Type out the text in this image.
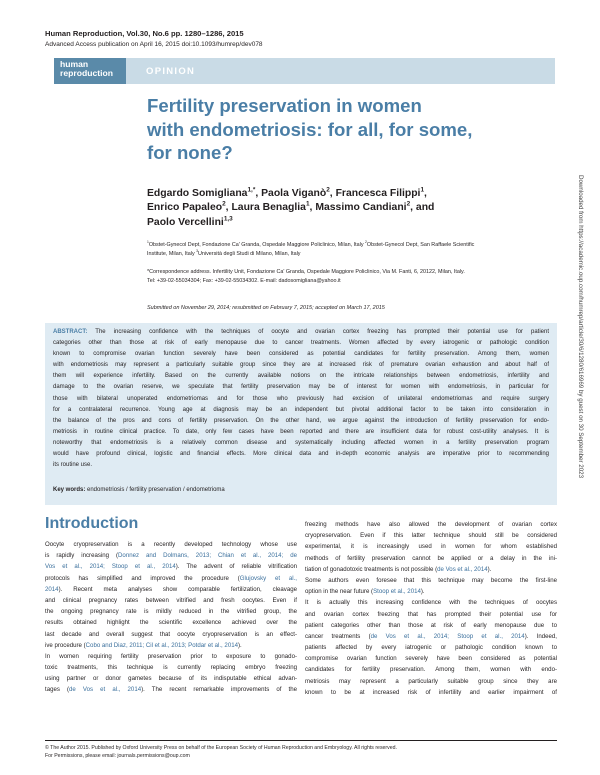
Human Reproduction, Vol.30, No.6 pp. 1280–1286, 2015
Advanced Access publication on April 16, 2015 doi:10.1093/humrep/dev078
human
reproduction	OPINION
Fertility preservation in women
with endometriosis: for all, for some,
for none?
Edgardo Somigliana$^{1,*}$, Paola Viganò$^2$, Francesca Filippi$^1$,
Enrico Papaleo$^2$, Laura Benaglia$^1$, Massimo Candiani$^2$, and
Paolo Vercellini$^{1,3}$
$^1$Obstet-Gynecol Dept, Fondazione Ca' Granda, Ospedale Maggiore Policlinico, Milan, Italy $^2$Obstet-Gynecol Dept, San Raffaele Scientific
Institute, Milan, Italy $^3$Università degli Studi di Milano, Milan, Italy
*Correspondence address. Infertility Unit, Fondazione Ca' Granda, Ospedale Maggiore Policlinico, Via M. Fanti, 6, 20122, Milan, Italy.
Tel: +39-02-55034304; Fax: +39-02-55034302. E-mail: dadosomigliana@yahoo.it
Submitted on November 29, 2014; resubmitted on February 7, 2015; accepted on March 17, 2015
ABSTRACT: The increasing confidence with the techniques of oocyte and ovarian cortex freezing has prompted their potential use for patient
categories other than those at risk of early menopause due to cancer treatments. Women affected by every iatrogenic or pathologic condition
known to compromise ovarian function severely have been considered as potential candidates for fertility preservation. Among them, women
with endometriosis may represent a particularly suitable group since they are at increased risk of premature ovarian exhaustion and about half of
them will experience infertility. Based on the currently available notions on the intricate relationships between endometriosis, infertility and
damage to the ovarian reserve, we speculate that fertility preservation may be of interest for women with endometriosis, in particular for
those with bilateral unoperated endometriomas and for those who previously had excision of unilateral endometriomas and require surgery
for a contralateral recurrence. Young age at diagnosis may be an independent but pivotal additional factor to be taken into consideration in
the balance of the pros and cons of fertility preservation. On the other hand, we argue against the introduction of fertility preservation for endo-
metriosis in routine clinical practice. To date, only few cases have been reported and there are insufficient data for robust cost-utility analyses. It is
noteworthy that endometriosis is a relatively common disease and systematically including affected women in a fertility preservation program
would have profound clinical, logistic and financial effects. More clinical data and in-depth economic analysis are imperative prior to recommending
its routine use.
Key words: endometriosis / fertility preservation / endometrioma
Downloaded from https://academic.oup.com/humrep/article/30/6/1280/616969 by guest on 30 September 2023
Introduction
Oocyte cryopreservation is a recently developed technology whose use
is rapidly increasing (Donnez and Dolmans, 2013; Chian et al., 2014; de
Vos et al., 2014; Stoop et al., 2014). The advent of reliable vitrification
protocols has simplified and improved the procedure (Glujovsky et al.,
2014). Recent meta analyses show comparable fertilization, cleavage
and clinical pregnancy rates between vitrified and fresh oocytes. Even if
the ongoing pregnancy rate is mildly reduced in the vitrified group, the
results obtained highlight the scientific excellence achieved over the
last decade and overall suggest that oocyte cryopreservation is an effect-
ive procedure (Cobo and Diaz, 2011; Cil et al., 2013; Potdar et al., 2014).
In women requiring fertility preservation prior to exposure to gonado-
toxic treatments, this technique is currently replacing embryo freezing
using partner or donor gametes because of its indisputable ethical advan-
tages (de Vos et al., 2014). The recent remarkable improvements of the
freezing methods have also allowed the development of ovarian cortex
cryopreservation. Even if this latter technique should still be considered
experimental, it is increasingly used in women for whom established
methods of fertility preservation cannot be applied or a delay in the ini-
tiation of gonadotoxic treatments is not possible (de Vos et al., 2014).
Some authors even foresee that this technique may become the first-line
option in the near future (Stoop et al., 2014).
It is actually this increasing confidence with the techniques of oocytes
and ovarian cortex freezing that has prompted their potential use for
patient categories other than those at risk of early menopause due to
cancer treatments (de Vos et al., 2014; Stoop et al., 2014). Indeed,
patients affected by every iatrogenic or pathologic condition known to
compromise ovarian function severely have been considered as potential
candidates for fertility preservation. Among them, women with endo-
metriosis may represent a particularly suitable group since they are
known to be at increased risk of infertility and earlier impairment of
© The Author 2015. Published by Oxford University Press on behalf of the European Society of Human Reproduction and Embryology. All rights reserved.
For Permissions, please email: journals.permissions@oup.com
